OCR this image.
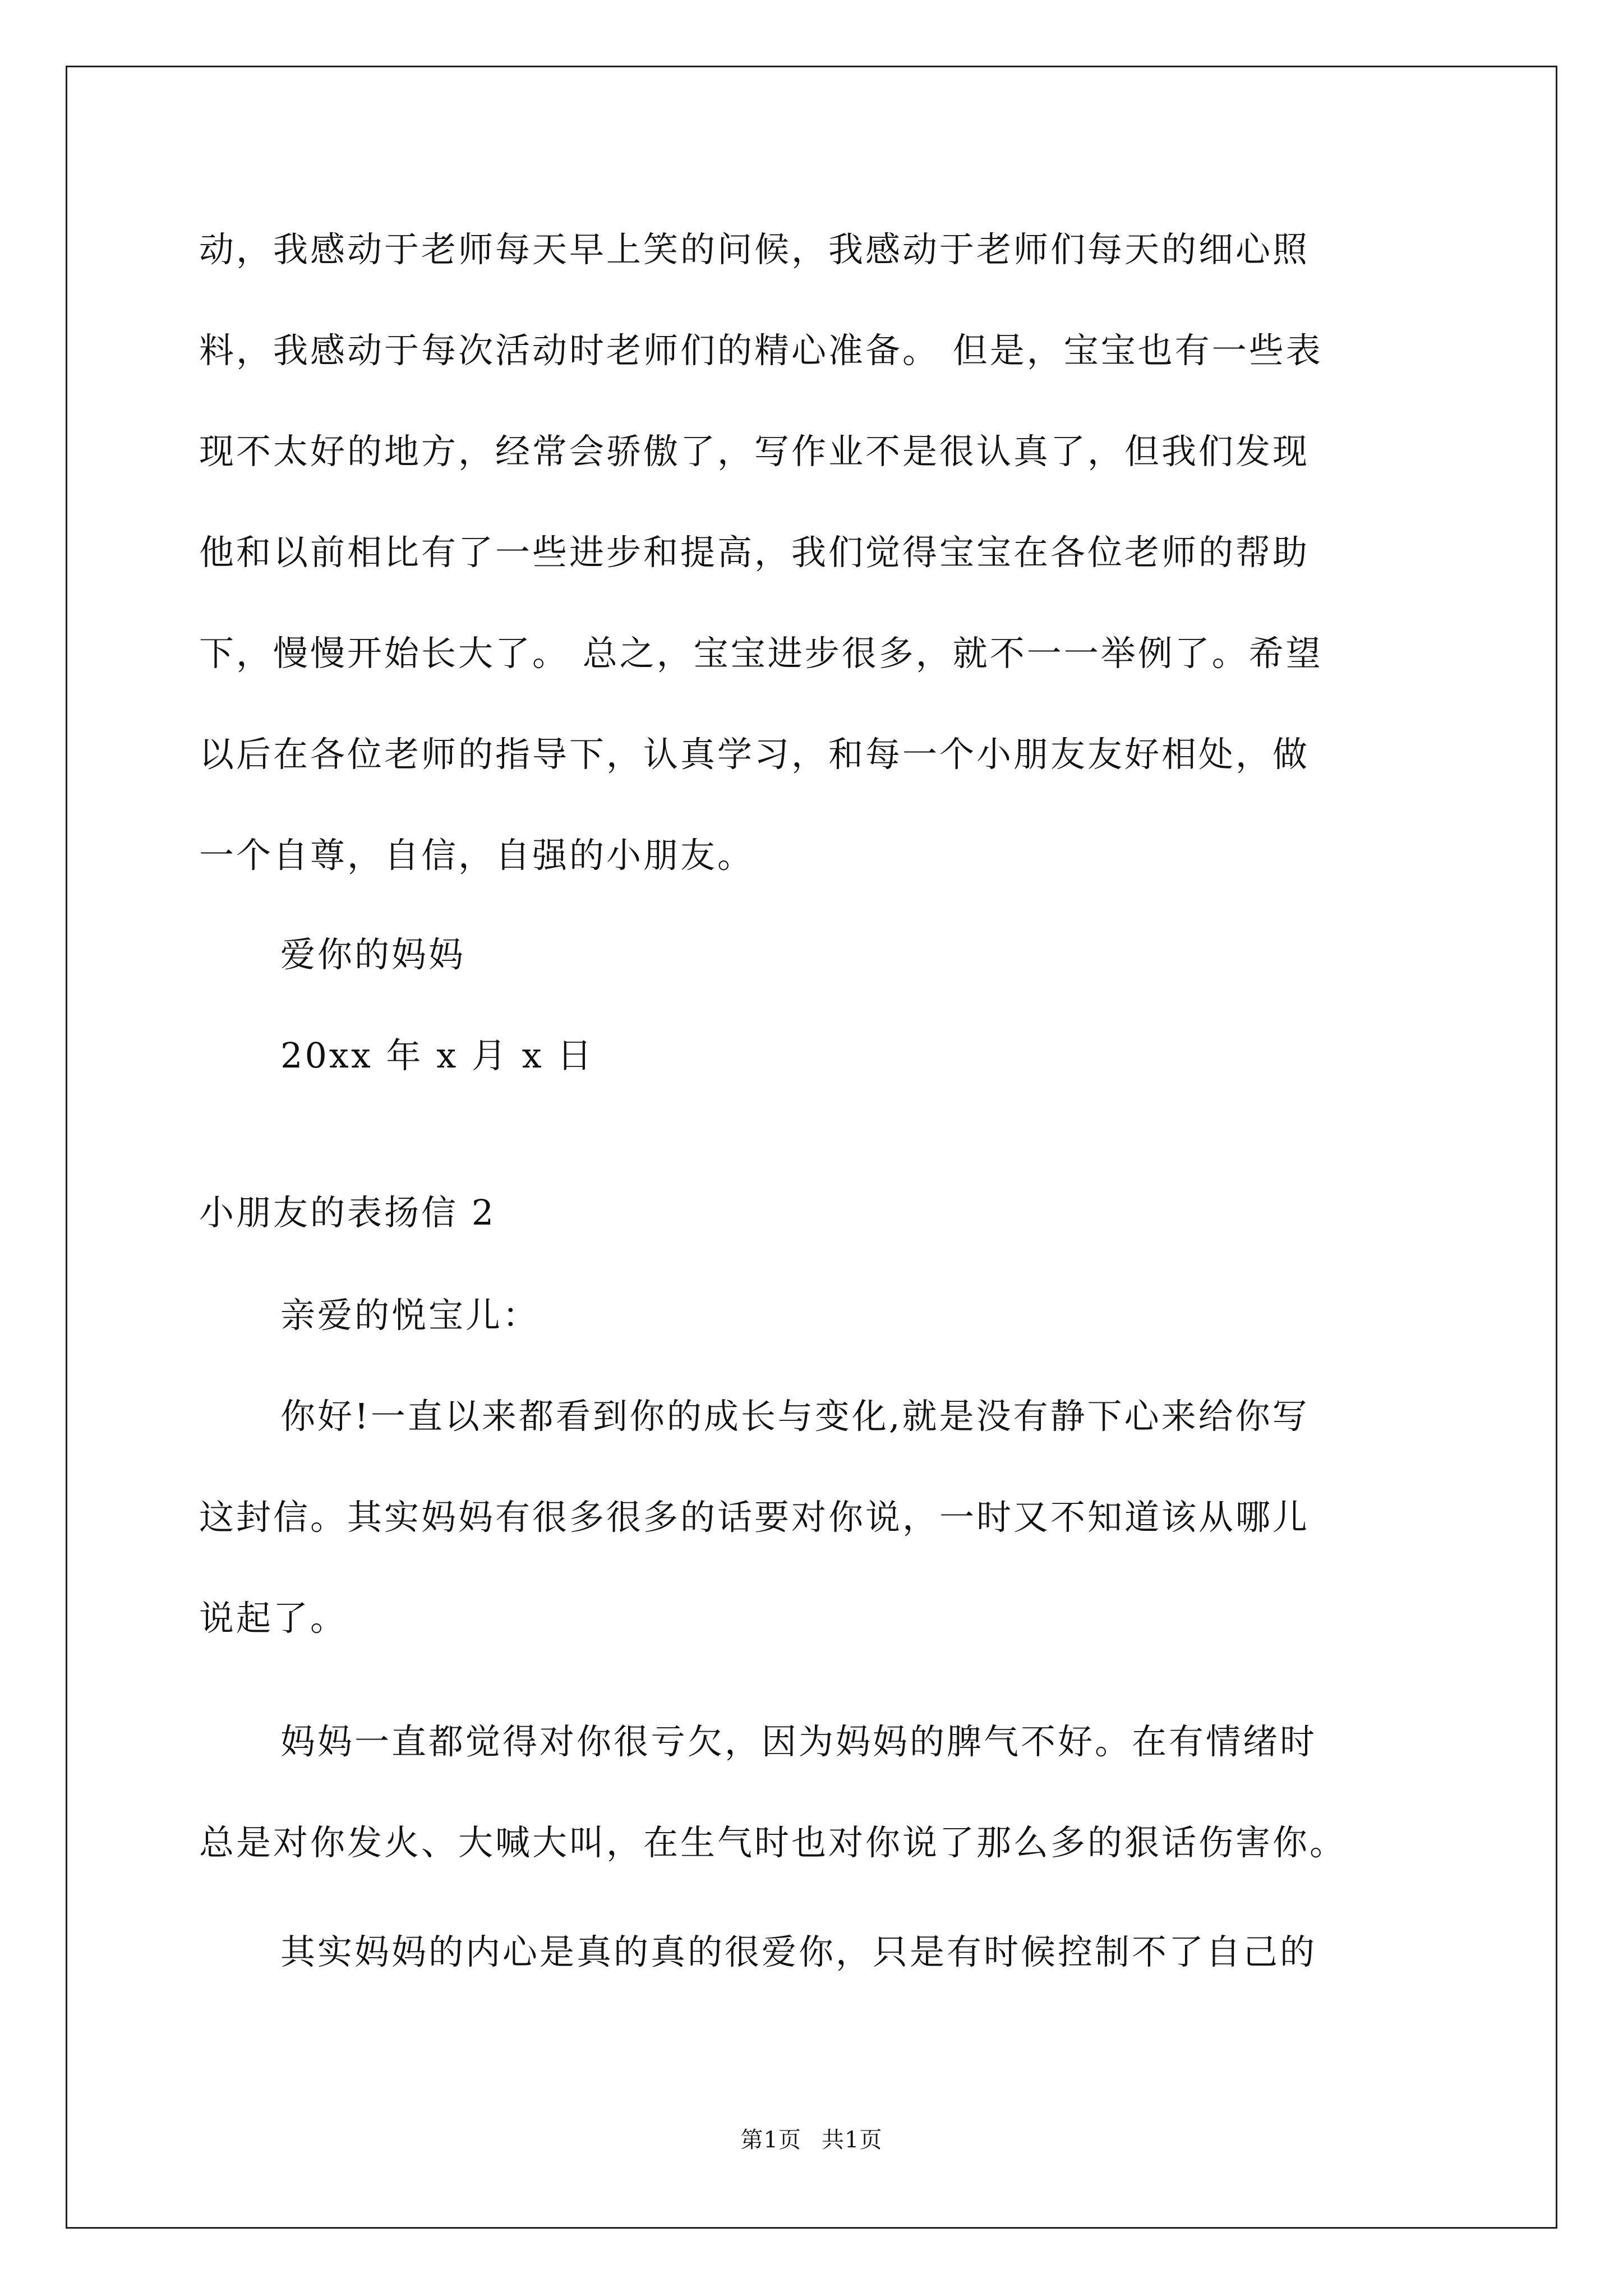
动，我感动于老师每天早上笑的问候，我感动于老师们每天的细心照
料，我感动于每次活动时老师们的精心准备。 但是，宝宝也有一些表
现不太好的地方，经常会骄傲了，写作业不是很认真了，但我们发现
他和以前相比有了一些进步和提高，我们觉得宝宝在各位老师的帮助
下，慢慢开始长大了。 总之，宝宝进步很多，就不一一举例了。希望
以后在各位老师的指导下，认真学习，和每一个小朋友友好相处，做
一个自尊，自信，自强的小朋友。
爱你的妈妈
20xx 年 x 月 x 日
小朋友的表扬信 2
亲爱的悦宝儿：
你好!一直以来都看到你的成长与变化,就是没有静下心来给你写
这封信。其实妈妈有很多很多的话要对你说，一时又不知道该从哪儿
说起了。
妈妈一直都觉得对你很亏欠，因为妈妈的脾气不好。在有情绪时
总是对你发火、大喊大叫，在生气时也对你说了那么多的狠话伤害你。
其实妈妈的内心是真的真的很爱你，只是有时候控制不了自己的
第1页 共1页
